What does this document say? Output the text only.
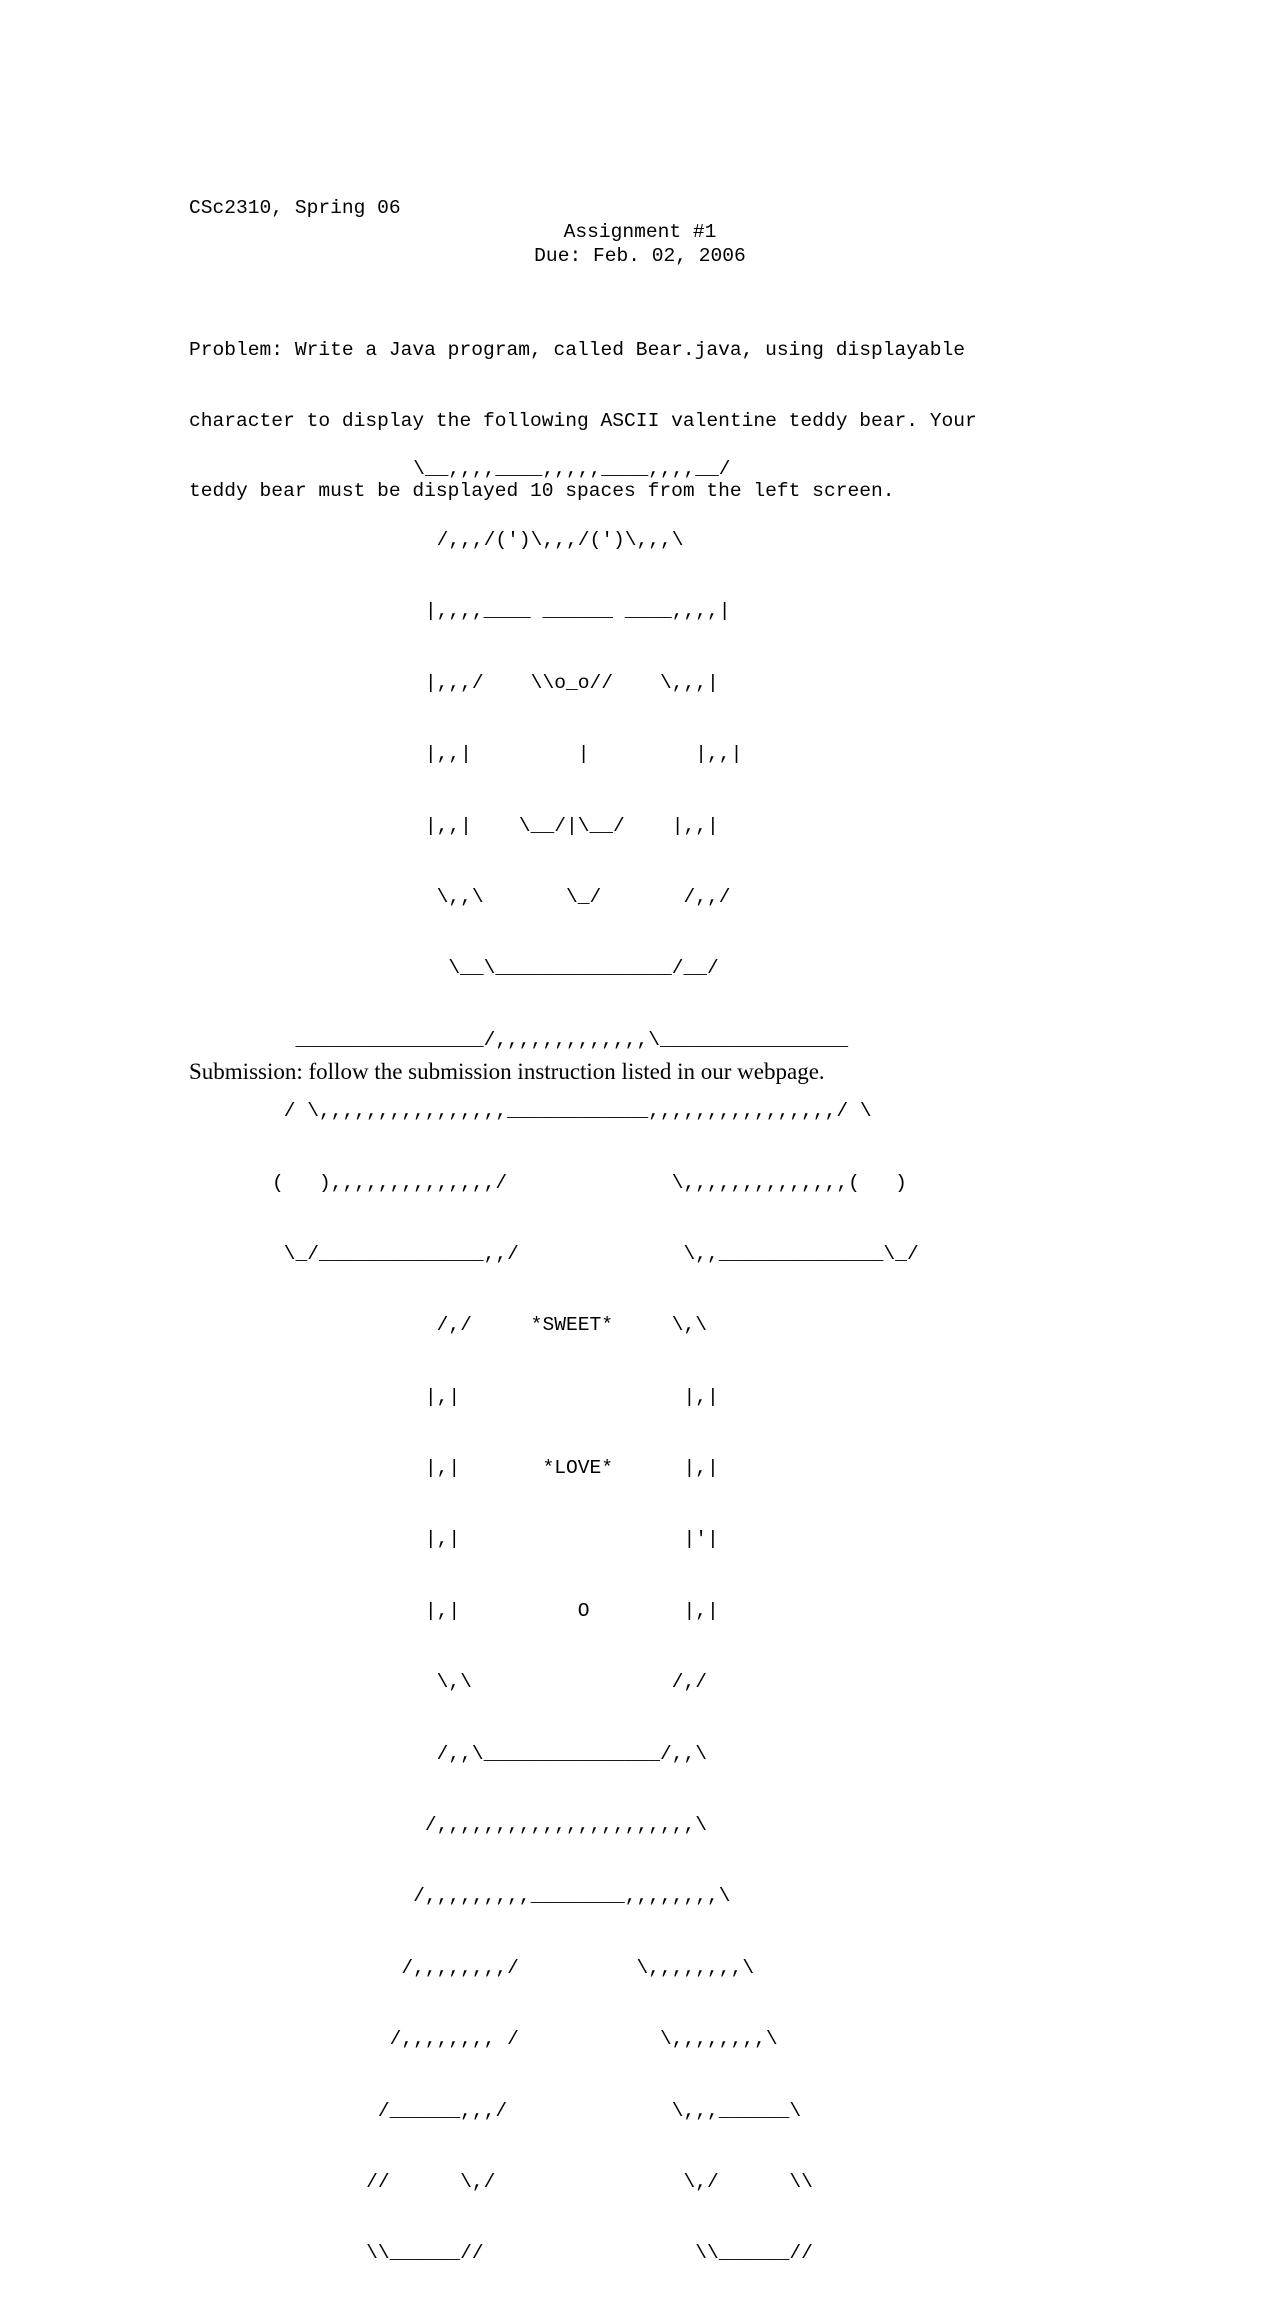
CSc2310, Spring 06
Assignment #1
Due: Feb. 02, 2006

Problem: Write a Java program, called Bear.java, using displayable

character to display the following ASCII valentine teddy bear. Your

teddy bear must be displayed 10 spaces from the left screen.

\__,,,,____,,,,,____,,,,__/

/,,,/(')\,,,/(')\,,,\

|,,,,____ ______ ____,,,,|

|,,,/    \\o_o//    \,,,|

|,,|         |         |,,|

|,,|    \__/|\__/    |,,|

\,,\       \_/       /,,/

\__\_______________/__/

________________/,,,,,,,,,,,,,\________________

/ \,,,,,,,,,,,,,,,,____________,,,,,,,,,,,,,,,,/ \

(   ),,,,,,,,,,,,,,/              \,,,,,,,,,,,,,,(   )

\_/______________,,/              \,,______________\_/

/,/     *SWEET*     \,\

|,|                   |,|

|,|       *LOVE*      |,|

|,|                   |'|

|,|          O        |,|

\,\                 /,/

/,,\_______________/,,\

/,,,,,,,,,,,,,,,,,,,,,,\

/,,,,,,,,,________,,,,,,,,\

/,,,,,,,,/          \,,,,,,,,\

/,,,,,,,, /            \,,,,,,,,\

/______,,,/              \,,,______\

//      \,/                \,/      \\

\\______//                  \\______//

Submission: follow the submission instruction listed in our webpage.
